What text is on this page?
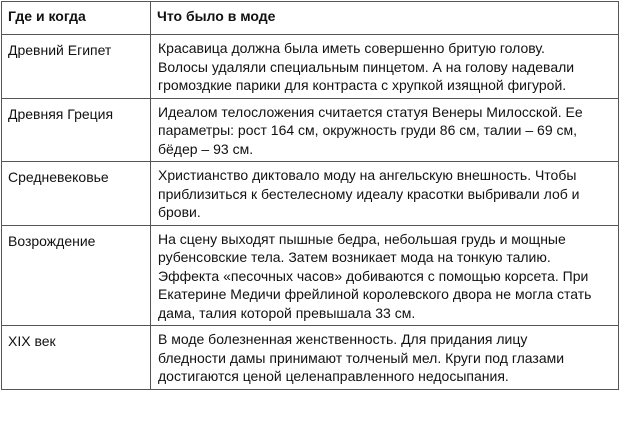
Где и когда	Что было в моде
Древний Египет	Красавица должна была иметь совершенно бритую голову.
Волосы удаляли специальным пинцетом. А на голову надевали
громоздкие парики для контраста с хрупкой изящной фигурой.

Древняя Греция	Идеалом телосложения считается статуя Венеры Милосской. Ее
параметры: рост 164 см, окружность груди 86 см, талии – 69 см,
бёдер – 93 см.

Средневековье	Христианство диктовало моду на ангельскую внешность. Чтобы
приблизиться к бестелесному идеалу красотки выбривали лоб и
брови.

Возрождение	На сцену выходят пышные бедра, небольшая грудь и мощные
рубенсовские тела. Затем возникает мода на тонкую талию.
Эффекта «песочных часов» добиваются с помощью корсета. При
Екатерине Медичи фрейлиной королевского двора не могла стать
дама, талия которой превышала 33 см.

XIX век	В моде болезненная женственность. Для придания лицу
бледности дамы принимают толченый мел. Круги под глазами
достигаются ценой целенаправленного недосыпания.
